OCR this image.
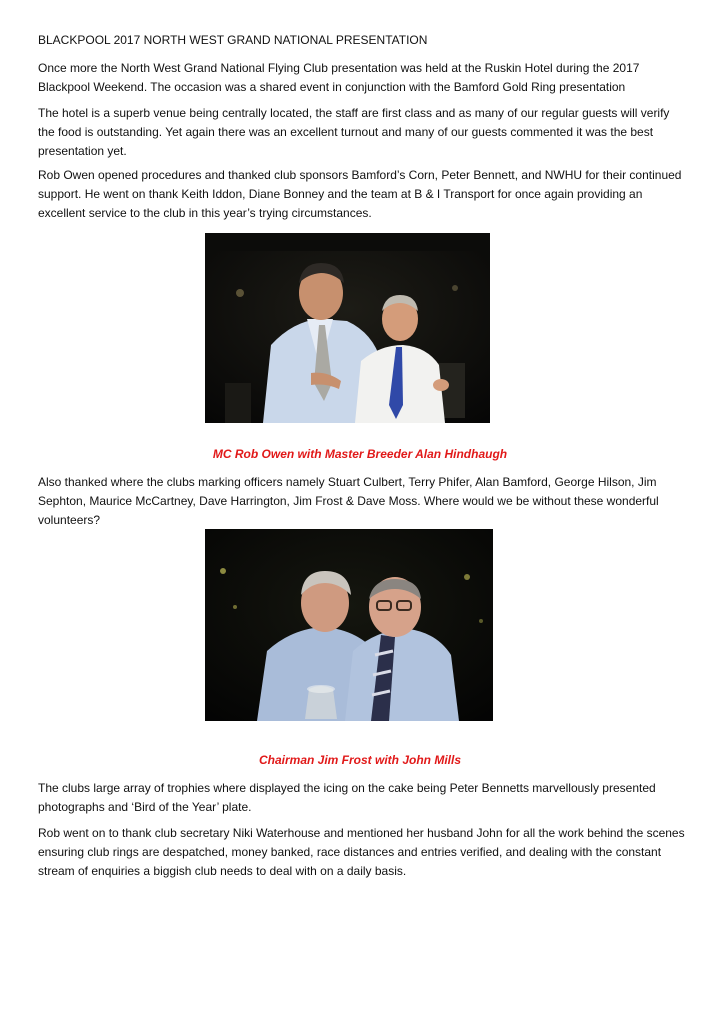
BLACKPOOL 2017 NORTH WEST GRAND NATIONAL PRESENTATION

Once more the North West Grand National Flying Club presentation was held at the Ruskin Hotel during the 2017 Blackpool Weekend. The occasion was a shared event in conjunction with the Bamford Gold Ring presentation

The hotel is a superb venue being centrally located, the staff are first class and as many of our regular guests will verify the food is outstanding. Yet again there was an excellent turnout and many of our guests commented it was the best presentation yet.

Rob Owen opened procedures and thanked club sponsors Bamford’s Corn, Peter Bennett, and NWHU for their continued support. He went on thank Keith Iddon, Diane Bonney and the team at B & I Transport for once again providing an excellent service to the club in this year’s trying circumstances.

MC Rob Owen with Master Breeder Alan Hindhaugh

Also thanked where the clubs marking officers namely Stuart Culbert, Terry Phifer, Alan Bamford, George Hilson, Jim Sephton, Maurice McCartney, Dave Harrington, Jim Frost & Dave Moss. Where would we be without these wonderful volunteers?

Chairman Jim Frost with John Mills

The clubs large array of trophies where displayed the icing on the cake being Peter Bennetts marvellously presented photographs and ‘Bird of the Year’ plate.

Rob went on to thank club secretary Niki Waterhouse and mentioned her husband John for all the work behind the scenes ensuring club rings are despatched, money banked, race distances and entries verified, and dealing with the constant stream of enquiries a biggish club needs to deal with on a daily basis.
